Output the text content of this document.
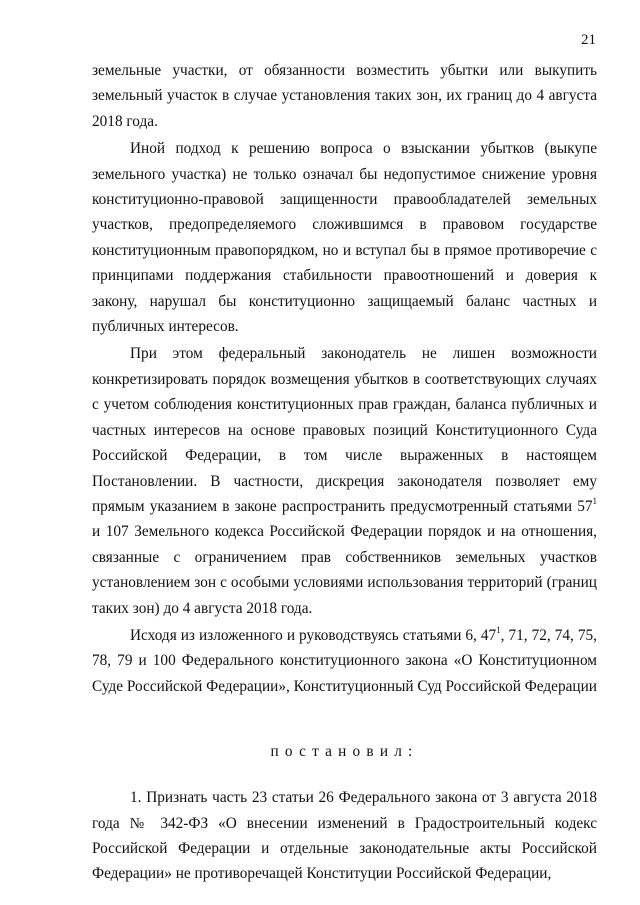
21

земельные участки, от обязанности возместить убытки или выкупить земельный участок в случае установления таких зон, их границ до 4 августа 2018 года.

Иной подход к решению вопроса о взыскании убытков (выкупе земельного участка) не только означал бы недопустимое снижение уровня конституционно-правовой защищенности правообладателей земельных участков, предопределяемого сложившимся в правовом государстве конституционным правопорядком, но и вступал бы в прямое противоречие с принципами поддержания стабильности правоотношений и доверия к закону, нарушал бы конституционно защищаемый баланс частных и публичных интересов.

При этом федеральный законодатель не лишен возможности конкретизировать порядок возмещения убытков в соответствующих случаях с учетом соблюдения конституционных прав граждан, баланса публичных и частных интересов на основе правовых позиций Конституционного Суда Российской Федерации, в том числе выраженных в настоящем Постановлении. В частности, дискреция законодателя позволяет ему прямым указанием в законе распространить предусмотренный статьями $57^1$ и 107 Земельного кодекса Российской Федерации порядок и на отношения, связанные с ограничением прав собственников земельных участков установлением зон с особыми условиями использования территорий (границ таких зон) до 4 августа 2018 года.

Исходя из изложенного и руководствуясь статьями 6, $47^1$, 71, 72, 74, 75, 78, 79 и 100 Федерального конституционного закона «О Конституционном Суде Российской Федерации», Конституционный Суд Российской Федерации

постановил:

1. Признать часть 23 статьи 26 Федерального закона от 3 августа 2018 года № 342-ФЗ «О внесении изменений в Градостроительный кодекс Российской Федерации и отдельные законодательные акты Российской Федерации» не противоречащей Конституции Российской Федерации,
